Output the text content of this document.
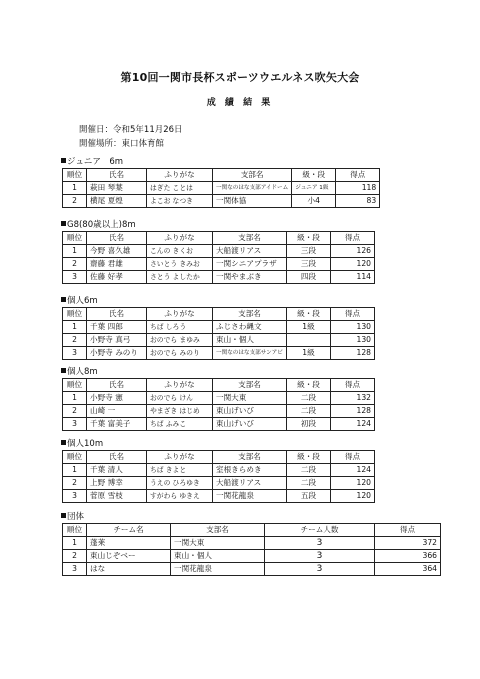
第10回一関市長杯スポーツウエルネス吹矢大会
成 績 結 果
開催日：令和5年11月26日
開催場所：東口体育館
ジュニア　6m
順位	氏名	ふりがな	支部名	級・段	得点
1	萩田 琴葉	はぎた ことは	一関なのはな支部アイドーム	ジュニア 1級	118
2	横尾 夏煌	よこお なつき	一関体協	小4	83
G8(80歳以上)8m
順位	氏名	ふりがな	支部名	級・段	得点
1	今野 喜久雄	こんの きくお	大船渡リアス	三段	126
2	齋藤 君雄	さいとう きみお	一関シニアプラザ	三段	120
3	佐藤 好孝	さとう よしたか	一関やまぶき	四段	114
個人6m
順位	氏名	ふりがな	支部名	級・段	得点
1	千葉 四郎	ちば しろう	ふじさわ縄文	1級	130
2	小野寺 真弓	おのでら まゆみ	東山・個人		130
3	小野寺 みのり	おのでら みのり	一関なのはな支部サンアビ	1級	128
個人8m
順位	氏名	ふりがな	支部名	級・段	得点
1	小野寺 憲	おのでら けん	一関大東	二段	132
2	山崎 一	やまざき はじめ	東山げいび	二段	128
3	千葉 富美子	ちば ふみこ	東山げいび	初段	124
個人10m
順位	氏名	ふりがな	支部名	級・段	得点
1	千葉 清人	ちば きよと	室根きらめき	二段	124
2	上野 博幸	うえの ひろゆき	大船渡リアス	二段	120
3	菅原 雪枝	すがわら ゆきえ	一関花龍泉	五段	120
団体
順位	チーム名	支部名	チーム人数	得点
1	蓬莱	一関大東	3	372
2	東山じぞベー	東山・個人	3	366
3	はな	一関花龍泉	3	364
